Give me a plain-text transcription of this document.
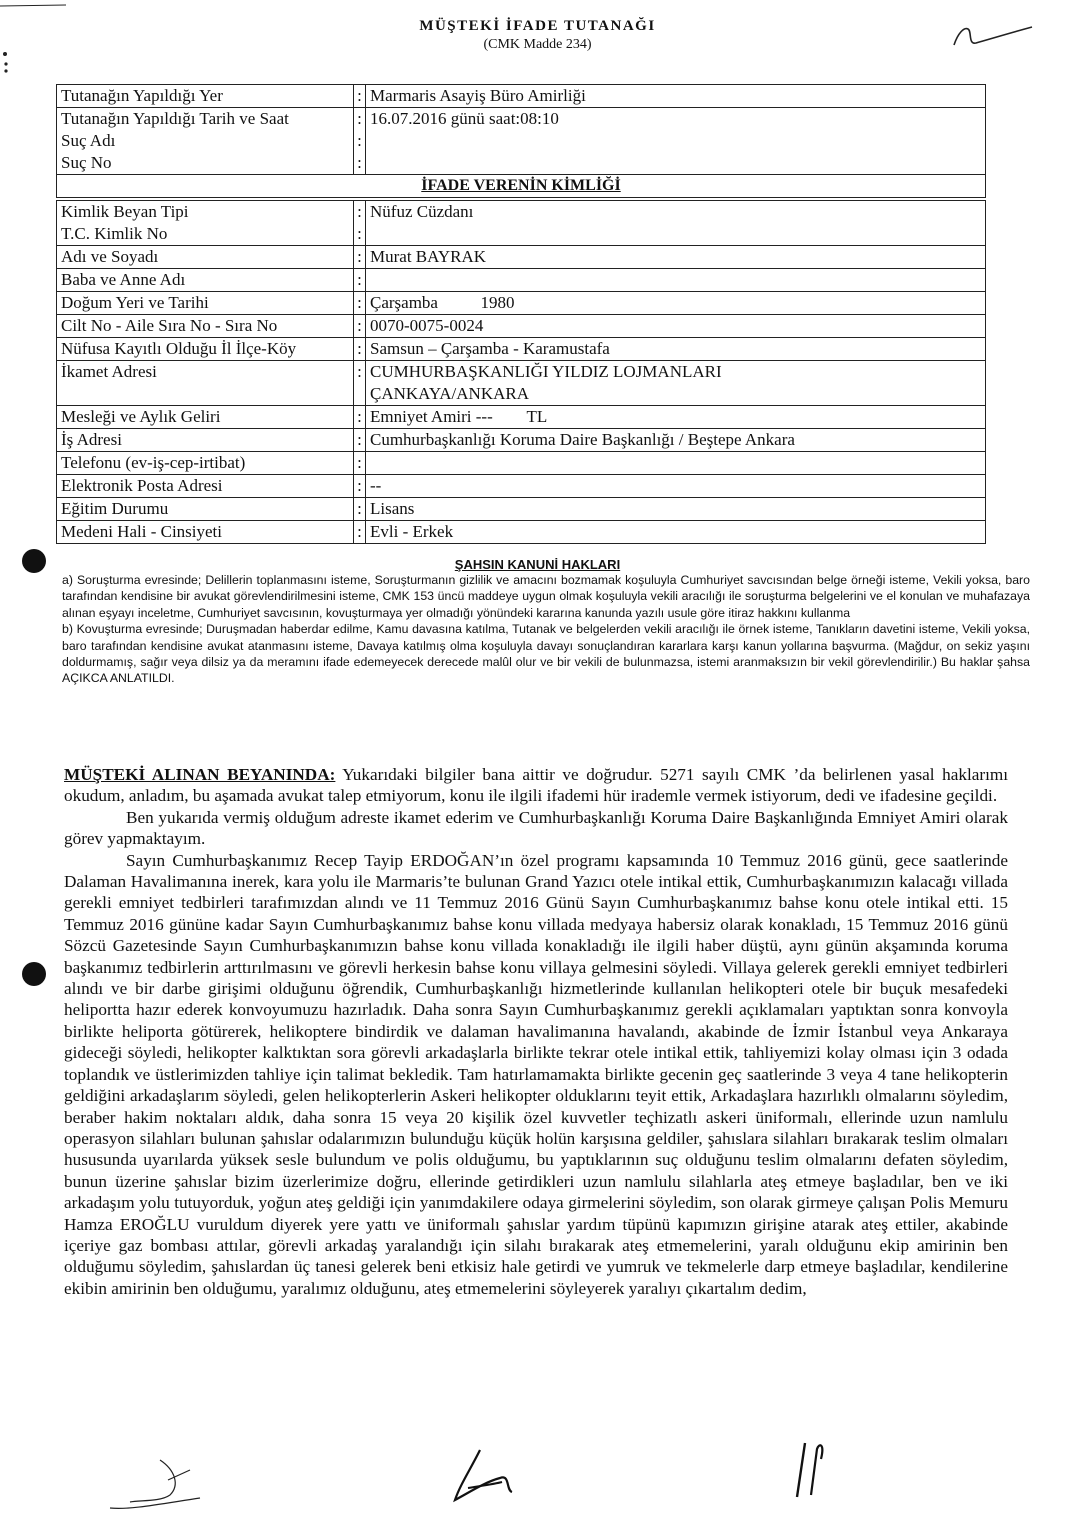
MÜŞTEKİ İFADE TUTANAĞI
(CMK Madde 234)
Tutanağın Yapıldığı Yer	:	Marmaris Asayiş Büro Amirliği
Tutanağın Yapıldığı Tarih ve Saat	:	16.07.2016 günü saat:08:10
Suç Adı	:	
Suç No	:	
İFADE VERENİN KİMLİĞİ		
Kimlik Beyan Tipi	:	Nüfuz Cüzdanı
T.C. Kimlik No	:	
Adı ve Soyadı	:	Murat BAYRAK
Baba ve Anne Adı	:	
Doğum Yeri ve Tarihi	:	Çarşamba          1980
Cilt No - Aile Sıra No - Sıra No	:	0070-0075-0024
Nüfusa Kayıtlı Olduğu İl İlçe-Köy	:	Samsun – Çarşamba - Karamustafa
İkamet Adresi	:	CUMHURBAŞKANLIĞI YILDIZ LOJMANLARI
ÇANKAYA/ANKARA

Mesleği ve Aylık Geliri	:	Emniyet Amiri ---        TL
İş Adresi	:	Cumhurbaşkanlığı Koruma Daire Başkanlığı / Beştepe Ankara
Telefonu (ev-iş-cep-irtibat)	:	
Elektronik Posta Adresi	:	--
Eğitim Durumu	:	Lisans
Medeni Hali - Cinsiyeti	:	Evli - Erkek
ŞAHSIN KANUNİ HAKLARI

a) Soruşturma evresinde; Delillerin toplanmasını isteme, Soruşturmanın gizlilik ve amacını bozmamak koşuluyla Cumhuriyet savcısından belge örneği isteme, Vekili yoksa, baro tarafından kendisine bir avukat görevlendirilmesini isteme, CMK 153 üncü maddeye uygun olmak koşuluyla vekili aracılığı ile soruşturma belgelerini ve el konulan ve muhafazaya alınan eşyayı inceletme, Cumhuriyet savcısının, kovuşturmaya yer olmadığı yönündeki kararına kanunda yazılı usule göre itiraz hakkını kullanma

b) Kovuşturma evresinde; Duruşmadan haberdar edilme, Kamu davasına katılma, Tutanak ve belgelerden vekili aracılığı ile örnek isteme, Tanıkların davetini isteme, Vekili yoksa, baro tarafından kendisine avukat atanmasını isteme, Davaya katılmış olma koşuluyla davayı sonuçlandıran kararlara karşı kanun yollarına başvurma. (Mağdur, on sekiz yaşını doldurmamış, sağır veya dilsiz ya da meramını ifade edemeyecek derecede malûl olur ve bir vekili de bulunmazsa, istemi aranmaksızın bir vekil görevlendirilir.) Bu haklar şahsa AÇIKCA ANLATILDI.

MÜŞTEKİ ALINAN BEYANINDA: Yukarıdaki bilgiler bana aittir ve doğrudur. 5271 sayılı CMK ’da belirlenen yasal haklarımı okudum, anladım, bu aşamada avukat talep etmiyorum, konu ile ilgili ifademi hür irademle vermek istiyorum, dedi ve ifadesine geçildi.

Ben yukarıda vermiş olduğum adreste ikamet ederim ve Cumhurbaşkanlığı Koruma Daire Başkanlığında Emniyet Amiri olarak görev yapmaktayım.

Sayın Cumhurbaşkanımız Recep Tayip ERDOĞAN’ın özel programı kapsamında 10 Temmuz 2016 günü, gece saatlerinde Dalaman Havalimanına inerek, kara yolu ile Marmaris’te bulunan Grand Yazıcı otele intikal ettik, Cumhurbaşkanımızın kalacağı villada gerekli emniyet tedbirleri tarafımızdan alındı ve 11 Temmuz 2016 Günü Sayın Cumhurbaşkanımız bahse konu otele intikal etti. 15 Temmuz 2016 gününe kadar Sayın Cumhurbaşkanımız bahse konu villada medyaya habersiz olarak konakladı, 15 Temmuz 2016 günü Sözcü Gazetesinde Sayın Cumhurbaşkanımızın bahse konu villada konakladığı ile ilgili haber düştü, aynı günün akşamında koruma başkanımız tedbirlerin arttırılmasını ve görevli herkesin bahse konu villaya gelmesini söyledi. Villaya gelerek gerekli emniyet tedbirleri alındı ve bir darbe girişimi olduğunu öğrendik, Cumhurbaşkanlığı hizmetlerinde kullanılan helikopteri otele bir buçuk mesafedeki heliportta hazır ederek konvoyumuzu hazırladık. Daha sonra Sayın Cumhurbaşkanımız gerekli açıklamaları yaptıktan sonra konvoyla birlikte heliporta götürerek, helikoptere bindirdik ve dalaman havalimanına havalandı, akabinde de İzmir İstanbul veya Ankaraya gideceği söyledi, helikopter kalktıktan sora görevli arkadaşlarla birlikte tekrar otele intikal ettik, tahliyemizi kolay olması için 3 odada toplandık ve üstlerimizden tahliye için talimat bekledik. Tam hatırlamamakta birlikte gecenin geç saatlerinde 3 veya 4 tane helikopterin geldiğini arkadaşlarım söyledi, gelen helikopterlerin Askeri helikopter olduklarını teyit ettik, Arkadaşlara hazırlıklı olmalarını söyledim, beraber hakim noktaları aldık, daha sonra 15 veya 20 kişilik özel kuvvetler teçhizatlı askeri üniformalı, ellerinde uzun namlulu operasyon silahları bulunan şahıslar odalarımızın bulunduğu küçük holün karşısına geldiler, şahıslara silahları bırakarak teslim olmaları hususunda uyarılarda yüksek sesle bulundum ve polis olduğumu, bu yaptıklarının suç olduğunu teslim olmalarını defaten söyledim, bunun üzerine şahıslar bizim üzerlerimize doğru, ellerinde getirdikleri uzun namlulu silahlarla ateş etmeye başladılar, ben ve iki arkadaşım yolu tutuyorduk, yoğun ateş geldiği için yanımdakilere odaya girmelerini söyledim, son olarak girmeye çalışan Polis Memuru Hamza EROĞLU vuruldum diyerek yere yattı ve üniformalı şahıslar yardım tüpünü kapımızın girişine atarak ateş ettiler, akabinde içeriye gaz bombası attılar, görevli arkadaş yaralandığı için silahı bırakarak ateş etmemelerini, yaralı olduğunu ekip amirinin ben olduğumu söyledim, şahıslardan üç tanesi gelerek beni etkisiz hale getirdi ve yumruk ve tekmelerle darp etmeye başladılar, kendilerine ekibin amirinin ben olduğumu, yaralımız olduğunu, ateş etmemelerini söyleyerek yaralıyı çıkartalım dedim,
